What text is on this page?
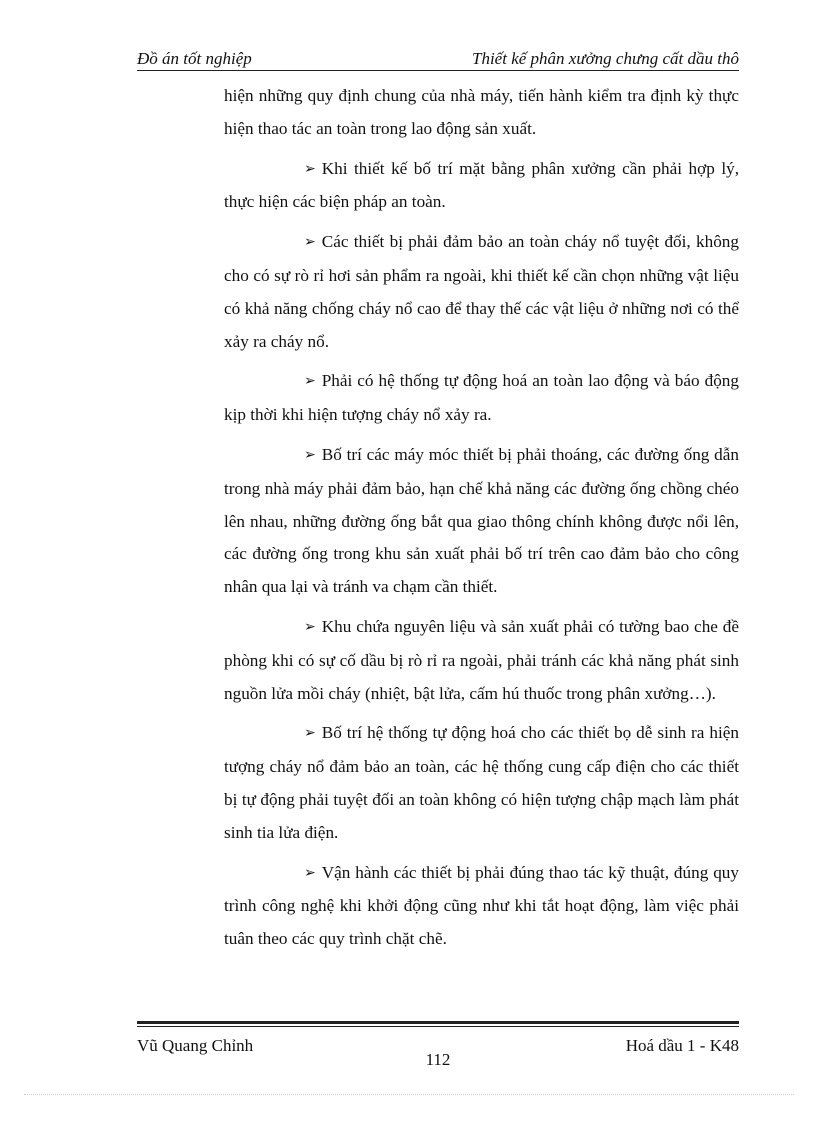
Đồ án tốt nghiệp	Thiết kế phân xưởng chưng cất dầu thô

hiện những quy định chung của nhà máy, tiến hành kiểm tra định kỳ thực hiện thao tác an toàn trong lao động sản xuất.

➢ Khi thiết kế bố trí mặt bằng phân xưởng cần phải hợp lý, thực hiện các biện pháp an toàn.

➢ Các thiết bị phải đảm bảo an toàn cháy nổ tuyệt đối, không cho có sự rò rỉ hơi sản phẩm ra ngoài, khi thiết kế cần chọn những vật liệu có khả năng chống cháy nổ cao để thay thế các vật liệu ở những nơi có thể xảy ra cháy nổ.

➢ Phải có hệ thống tự động hoá an toàn lao động và báo động kịp thời khi hiện tượng cháy nổ xảy ra.

➢ Bố trí các máy móc thiết bị phải thoáng, các đường ống dẫn trong nhà máy phải đảm bảo, hạn chế khả năng các đường ống chồng chéo lên nhau, những đường ống bắt qua giao thông chính không được nổi lên, các đường ống trong khu sản xuất phải bố trí trên cao đảm bảo cho công nhân qua lại và tránh va chạm cần thiết.

➢ Khu chứa nguyên liệu và sản xuất phải có tường bao che đề phòng khi có sự cố dầu bị rò rỉ ra ngoài, phải tránh các khả năng phát sinh nguồn lửa mồi cháy (nhiệt, bật lửa, cấm hú thuốc trong phân xưởng…).

➢ Bố trí hệ thống tự động hoá cho các thiết bọ dễ sinh ra hiện tượng cháy nổ đảm bảo an toàn, các hệ thống cung cấp điện cho các thiết bị tự động phải tuyệt đối an toàn không có hiện tượng chập mạch làm phát sinh tia lửa điện.

➢ Vận hành các thiết bị phải đúng thao tác kỹ thuật, đúng quy trình công nghệ khi khởi động cũng như khi tắt hoạt động, làm việc phải tuân theo các quy trình chặt chẽ.

Vũ Quang Chỉnh	Hoá dầu 1 - K48
112
